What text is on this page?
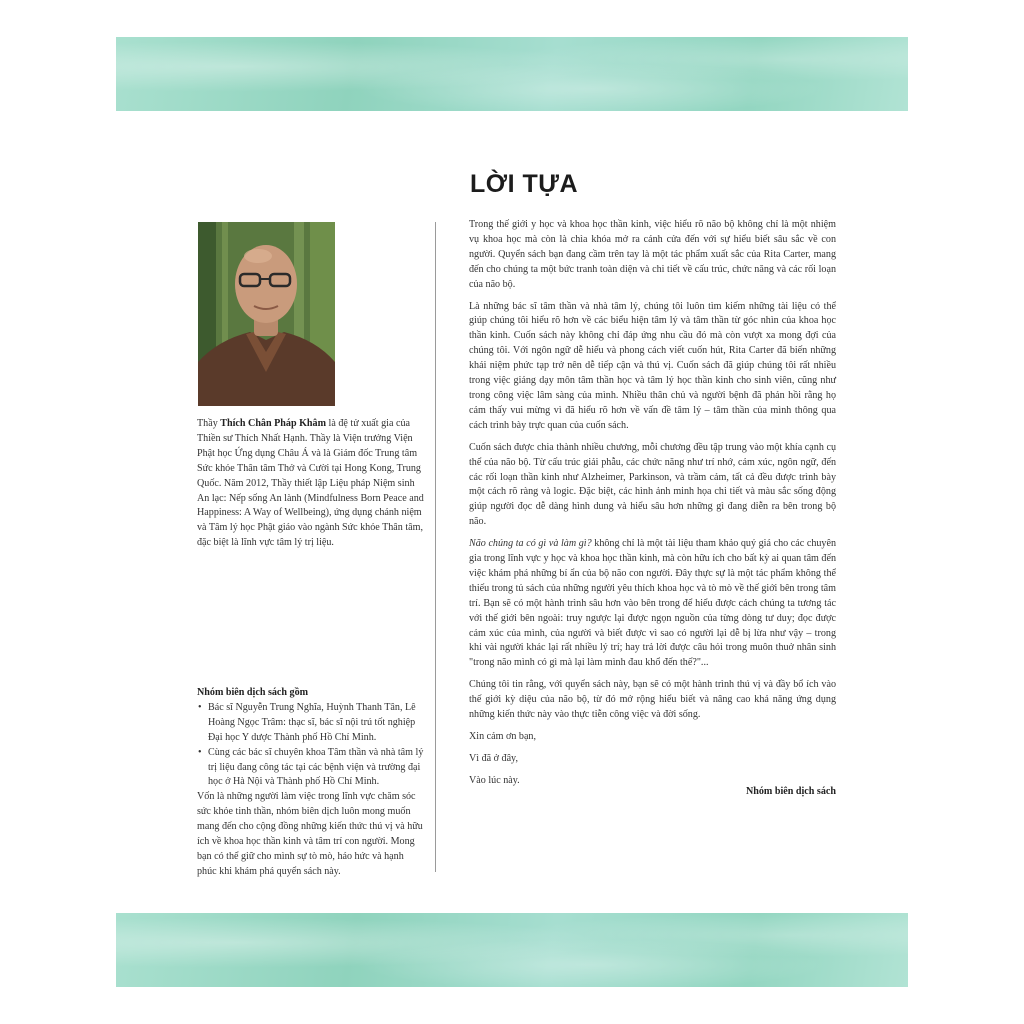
LỜI TỰA
Thầy Thích Chân Pháp Khâm là đệ tử xuất gia của Thiền sư Thích Nhất Hạnh. Thầy là Viện trưởng Viện Phật học Ứng dụng Châu Á và là Giám đốc Trung tâm Sức khỏe Thân tâm Thở và Cười tại Hong Kong, Trung Quốc. Năm 2012, Thầy thiết lập Liệu pháp Niệm sinh An lạc: Nếp sống An lành (Mindfulness Born Peace and Happiness: A Way of Wellbeing), ứng dụng chánh niệm và Tâm lý học Phật giáo vào ngành Sức khỏe Thân tâm, đặc biệt là lĩnh vực tâm lý trị liệu.
Nhóm biên dịch sách gồm
• Bác sĩ Nguyễn Trung Nghĩa, Huỳnh Thanh Tân, Lê Hoàng Ngọc Trâm: thạc sĩ, bác sĩ nội trú tốt nghiệp Đại học Y dược Thành phố Hồ Chí Minh.
• Cùng các bác sĩ chuyên khoa Tâm thần và nhà tâm lý trị liệu đang công tác tại các bệnh viện và trường đại học ở Hà Nội và Thành phố Hồ Chí Minh.

Vốn là những người làm việc trong lĩnh vực chăm sóc sức khỏe tinh thần, nhóm biên dịch luôn mong muốn mang đến cho cộng đồng những kiến thức thú vị và hữu ích về khoa học thần kinh và tâm trí con người. Mong bạn có thể giữ cho mình sự tò mò, háo hức và hạnh phúc khi khám phá quyển sách này.

Trong thế giới y học và khoa học thần kinh, việc hiểu rõ não bộ không chỉ là một nhiệm vụ khoa học mà còn là chìa khóa mở ra cánh cửa đến với sự hiểu biết sâu sắc về con người. Quyển sách bạn đang cầm trên tay là một tác phẩm xuất sắc của Rita Carter, mang đến cho chúng ta một bức tranh toàn diện và chi tiết về cấu trúc, chức năng và các rối loạn của não bộ.

Là những bác sĩ tâm thần và nhà tâm lý, chúng tôi luôn tìm kiếm những tài liệu có thể giúp chúng tôi hiểu rõ hơn về các biểu hiện tâm lý và tâm thần từ góc nhìn của khoa học thần kinh. Cuốn sách này không chỉ đáp ứng nhu cầu đó mà còn vượt xa mong đợi của chúng tôi. Với ngôn ngữ dễ hiểu và phong cách viết cuốn hút, Rita Carter đã biến những khái niệm phức tạp trở nên dễ tiếp cận và thú vị. Cuốn sách đã giúp chúng tôi rất nhiều trong việc giảng dạy môn tâm thần học và tâm lý học thần kinh cho sinh viên, cũng như trong công việc lâm sàng của mình. Nhiều thân chủ và người bệnh đã phản hồi rằng họ cảm thấy vui mừng vì đã hiểu rõ hơn về vấn đề tâm lý – tâm thần của mình thông qua cách trình bày trực quan của cuốn sách.

Cuốn sách được chia thành nhiều chương, mỗi chương đều tập trung vào một khía cạnh cụ thể của não bộ. Từ cấu trúc giải phẫu, các chức năng như trí nhớ, cảm xúc, ngôn ngữ, đến các rối loạn thần kinh như Alzheimer, Parkinson, và trầm cảm, tất cả đều được trình bày một cách rõ ràng và logic. Đặc biệt, các hình ảnh minh họa chi tiết và màu sắc sống động giúp người đọc dễ dàng hình dung và hiểu sâu hơn những gì đang diễn ra bên trong bộ não.

Não chúng ta có gì và làm gì? không chỉ là một tài liệu tham khảo quý giá cho các chuyên gia trong lĩnh vực y học và khoa học thần kinh, mà còn hữu ích cho bất kỳ ai quan tâm đến việc khám phá những bí ẩn của bộ não con người. Đây thực sự là một tác phẩm không thể thiếu trong tủ sách của những người yêu thích khoa học và tò mò về thế giới bên trong tâm trí. Bạn sẽ có một hành trình sâu hơn vào bên trong để hiểu được cách chúng ta tương tác với thế giới bên ngoài: truy ngược lại được ngọn nguồn của từng dòng tư duy; đọc được cảm xúc của mình, của người và biết được vì sao có người lại dễ bị lừa như vậy – trong khi vài người khác lại rất nhiều lý trí; hay trả lời được câu hỏi trong muôn thuở nhân sinh "trong não mình có gì mà lại làm mình đau khổ đến thế?"...

Chúng tôi tin rằng, với quyển sách này, bạn sẽ có một hành trình thú vị và đầy bổ ích vào thế giới kỳ diệu của não bộ, từ đó mở rộng hiểu biết và nâng cao khả năng ứng dụng những kiến thức này vào thực tiễn công việc và đời sống.

Xin cảm ơn bạn,

Vì đã ở đây,

Vào lúc này.

Nhóm biên dịch sách
